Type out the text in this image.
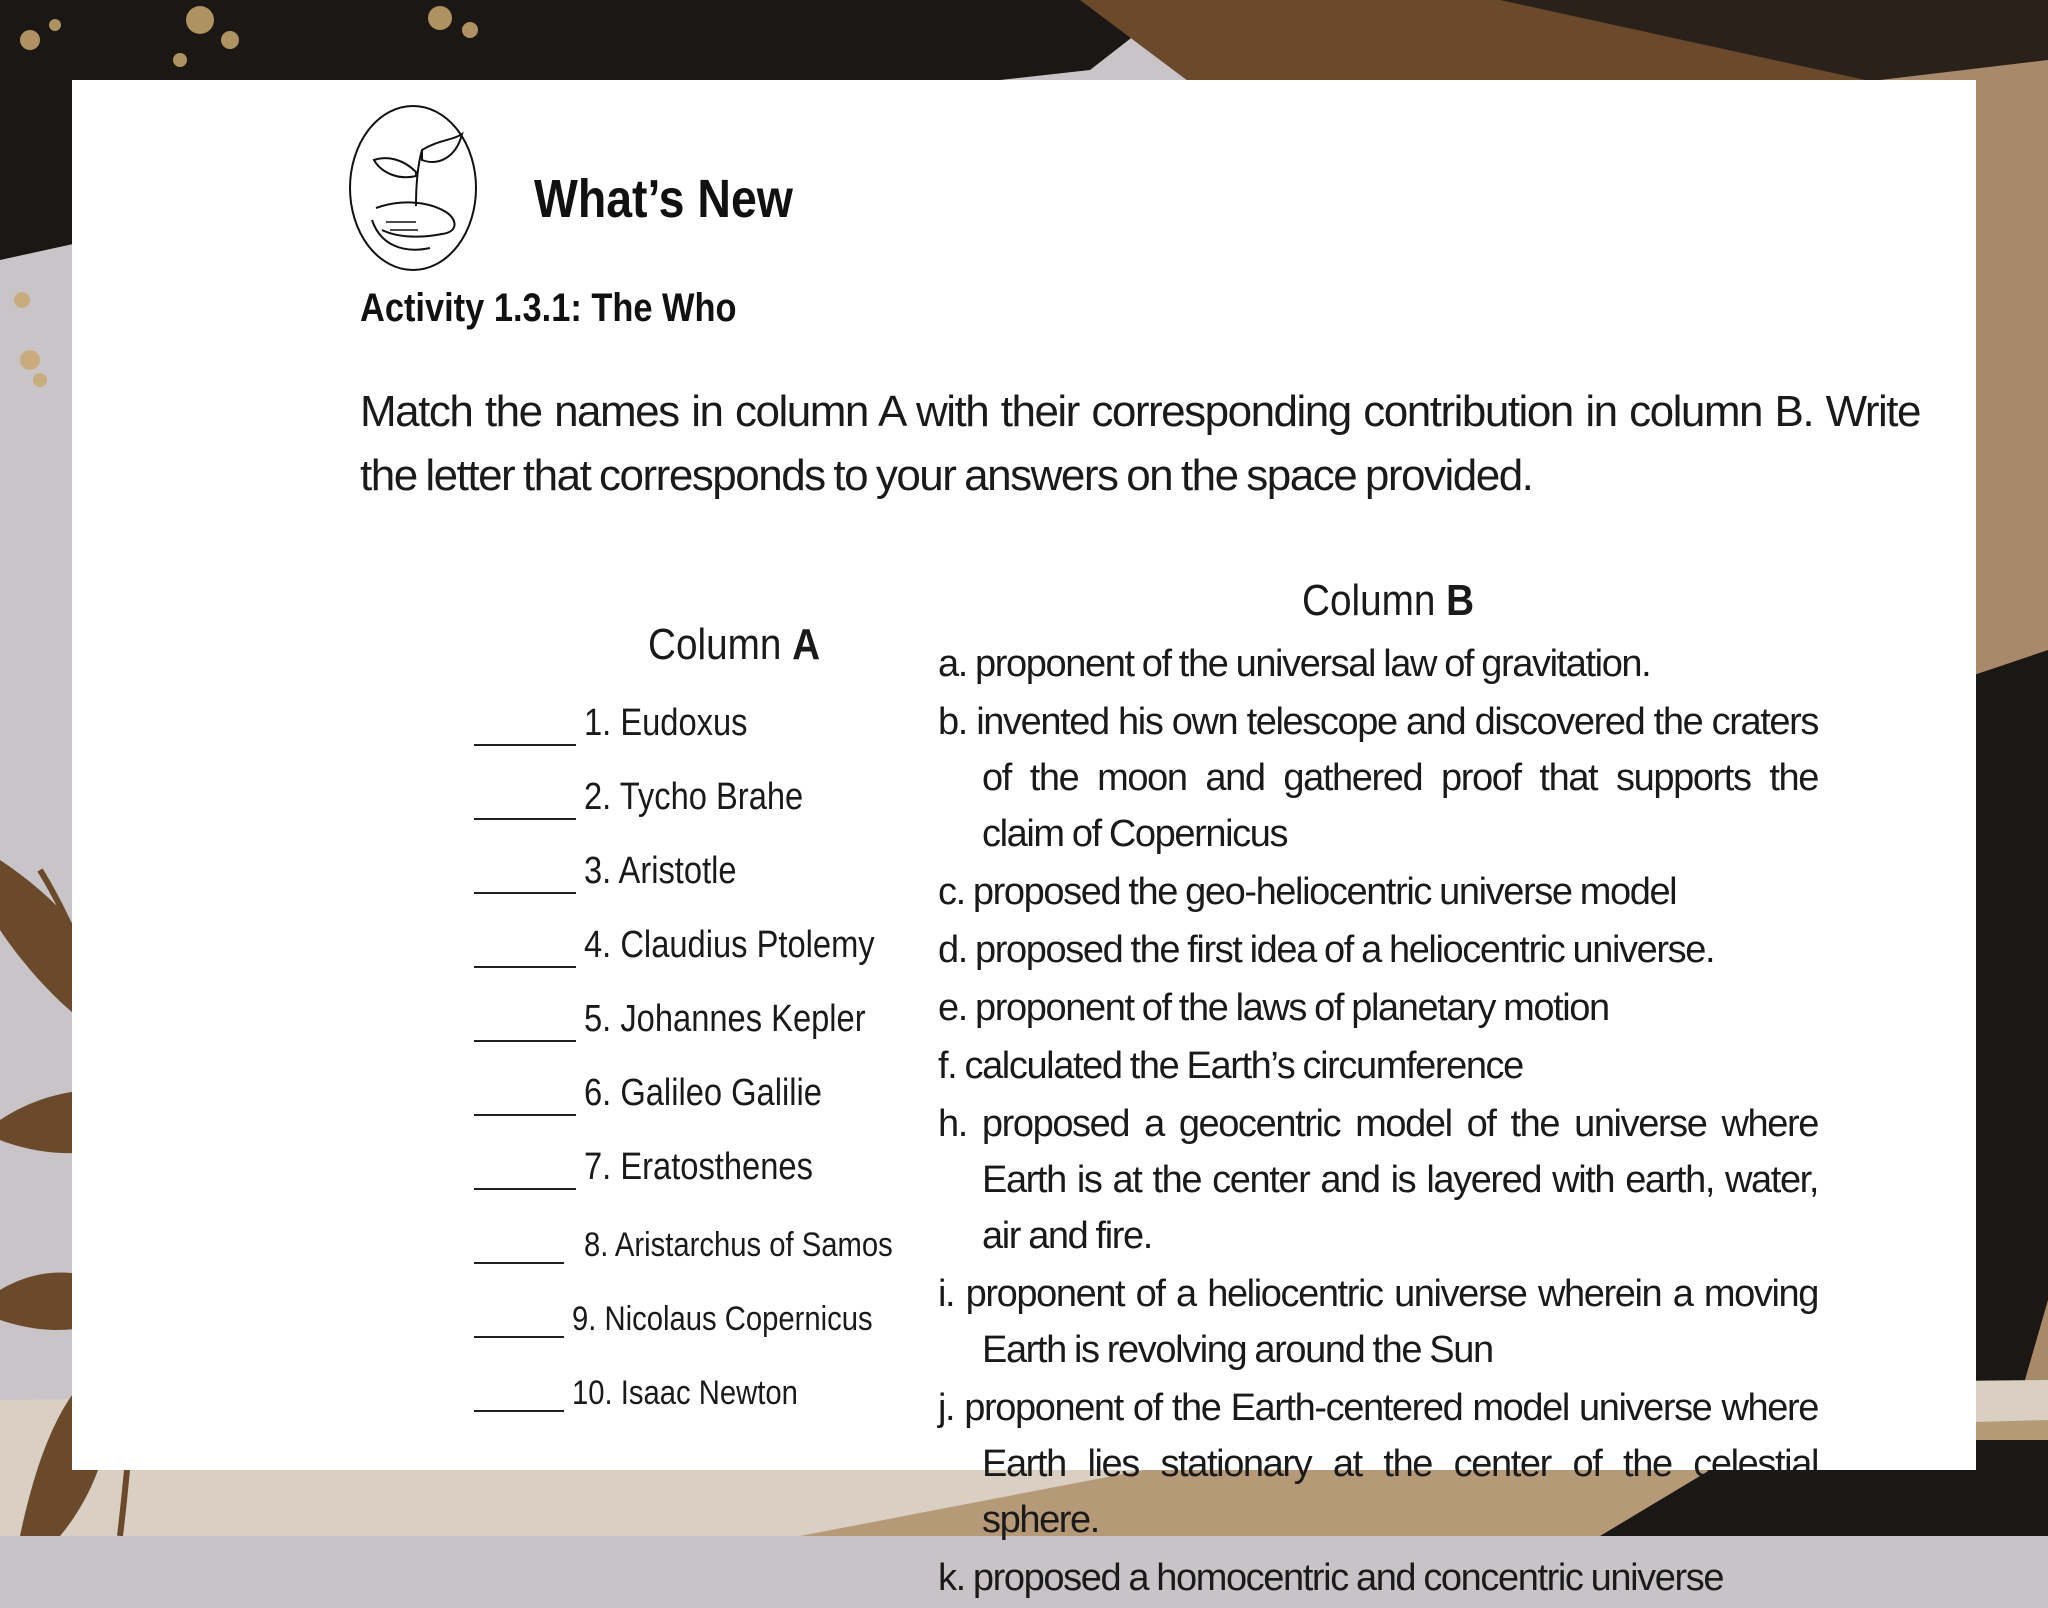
What’s New
Activity 1.3.1: The Who
Match the names in column A with their corresponding contribution in column B. Write the letter that corresponds to your answers on the space provided.
Column A
Column B
1. Eudoxus
2. Tycho Brahe
3. Aristotle
4. Claudius Ptolemy
5. Johannes Kepler
6. Galileo Galilie
7. Eratosthenes
8. Aristarchus of Samos
9. Nicolaus Copernicus
10. Isaac Newton
a. proponent of the universal law of gravitation.
b. invented his own telescope and discovered the craters of the moon and gathered proof that supports the claim of Copernicus
c. proposed the geo-heliocentric universe model
d. proposed the first idea of a heliocentric universe.
e. proponent of the laws of planetary motion
f. calculated the Earth’s circumference
h. proposed a geocentric model of the universe where Earth is at the center and is layered with earth, water, air and fire.
i. proponent of a heliocentric universe wherein a moving Earth is revolving around the Sun
j. proponent of the Earth-centered model universe where Earth lies stationary at the center of the celestial sphere.
k. proposed a homocentric and concentric universe
